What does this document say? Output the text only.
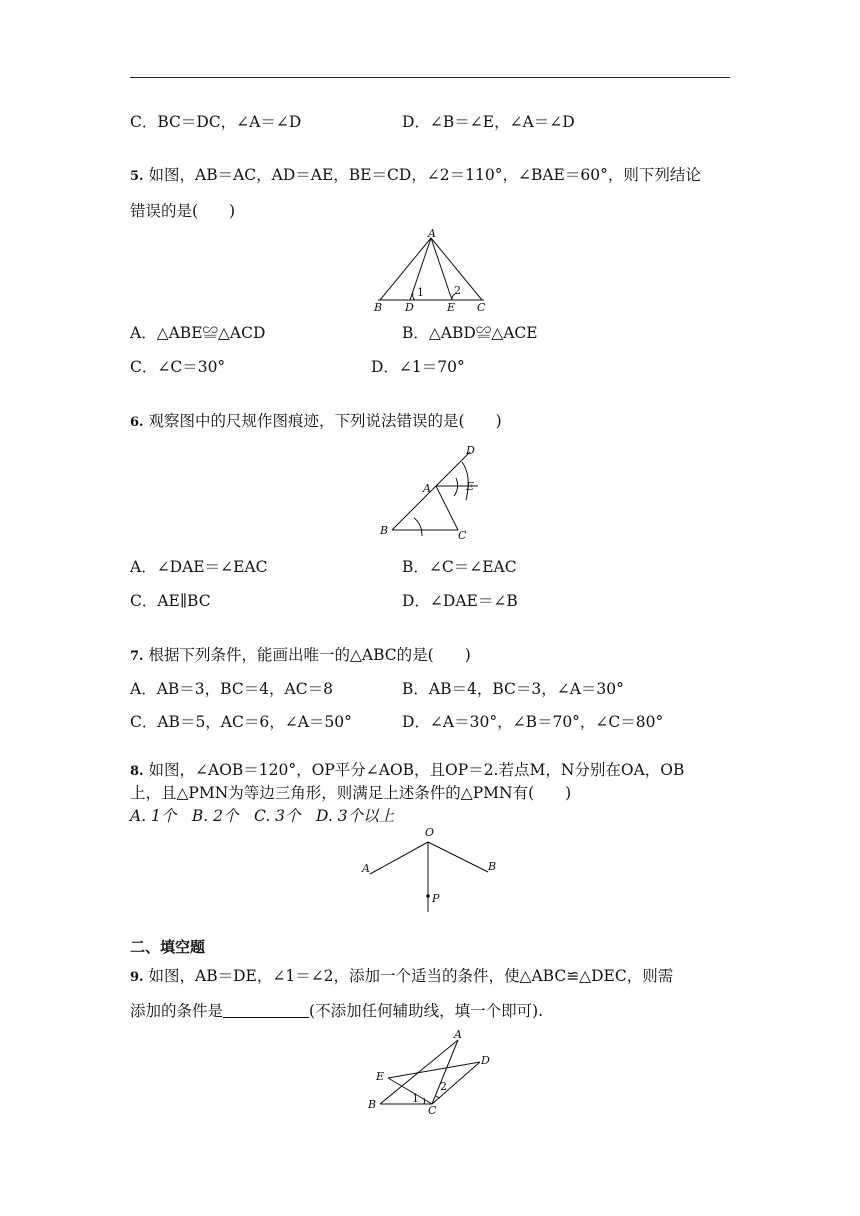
C．BC＝DC，∠A＝∠D	D．∠B＝∠E，∠A＝∠D
5. 如图，AB＝AC，AD＝AE，BE＝CD，∠2＝110°，∠BAE＝60°，则下列结论
错误的是(　　)
A
B D	E C
1	2
A．△ABE≌△ACD	B．△ABD≌△ACE
C．∠C＝30°	D．∠1＝70°
6. 观察图中的尺规作图痕迹，下列说法错误的是(　　)
D
A	E
B	C
A．∠DAE＝∠EAC	B．∠C＝∠EAC
C．AE∥BC	D．∠DAE＝∠B
7. 根据下列条件，能画出唯一的△ABC的是(　　)
A．AB＝3，BC＝4，AC＝8	B．AB＝4，BC＝3，∠A＝30°
C．AB＝5，AC＝6，∠A＝50°	D．∠A＝30°，∠B＝70°，∠C＝80°
8. 如图，∠AOB＝120°，OP平分∠AOB，且OP＝2.若点M，N分别在OA，OB
上，且△PMN为等边三角形，则满足上述条件的△PMN有(　　)
A. 1个　B. 2个　C. 3个　D. 3个以上
O
A	B
P
二、填空题
9. 如图，AB＝DE，∠1＝∠2，添加一个适当的条件，使△ABC≌△DEC，则需
添加的条件是	(不添加任何辅助线，填一个即可).
A
D
E
B	C
1
2
